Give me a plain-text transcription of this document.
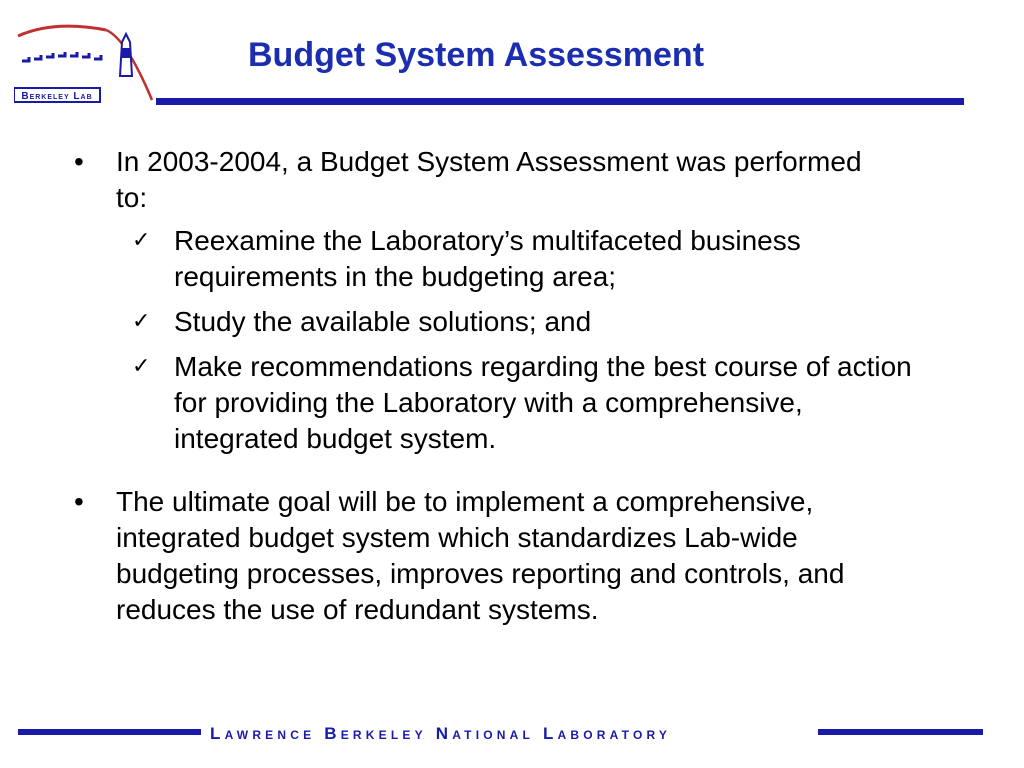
Berkeley Lab
Budget System Assessment
•	In 2003-2004, a Budget System Assessment was performed to:
✓ Reexamine the Laboratory’s multifaceted business requirements in the budgeting area;
✓ Study the available solutions; and
✓ Make recommendations regarding the best course of action for providing the Laboratory with a comprehensive, integrated budget system.
•	The ultimate goal will be to implement a comprehensive, integrated budget system which standardizes Lab-wide budgeting processes, improves reporting and controls, and reduces the use of redundant systems.
Lawrence Berkeley National Laboratory
